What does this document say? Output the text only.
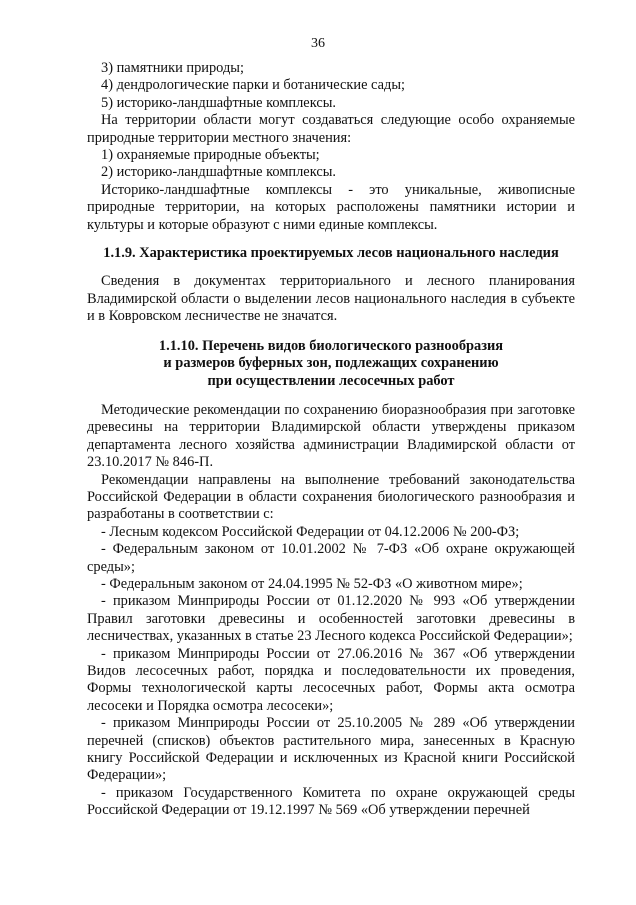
36

3) памятники природы;

4) дендрологические парки и ботанические сады;

5) историко-ландшафтные комплексы.

На территории области могут создаваться следующие особо охраняемые природные территории местного значения:

1) охраняемые природные объекты;

2) историко-ландшафтные комплексы.

Историко-ландшафтные комплексы - это уникальные, живописные природные территории, на которых расположены памятники истории и культуры и которые образуют с ними единые комплексы.

1.1.9. Характеристика проектируемых лесов национального наследия

Сведения в документах территориального и лесного планирования Владимирской области о выделении лесов национального наследия в субъекте и в Ковровском лесничестве не значатся.

1.1.10. Перечень видов биологического разнообразия

и размеров буферных зон, подлежащих сохранению

при осуществлении лесосечных работ

Методические рекомендации по сохранению биоразнообразия при заготовке древесины на территории Владимирской области утверждены приказом департамента лесного хозяйства администрации Владимирской области от 23.10.2017 № 846-П.

Рекомендации направлены на выполнение требований законодательства Российской Федерации в области сохранения биологического разнообразия и разработаны в соответствии с:

- Лесным кодексом Российской Федерации от 04.12.2006 № 200-ФЗ;

- Федеральным законом от 10.01.2002 № 7-ФЗ «Об охране окружающей среды»;

- Федеральным законом от 24.04.1995 № 52-ФЗ «О животном мире»;

- приказом Минприроды России от 01.12.2020 № 993 «Об утверждении Правил заготовки древесины и особенностей заготовки древесины в лесничествах, указанных в статье 23 Лесного кодекса Российской Федерации»;

- приказом Минприроды России от 27.06.2016 № 367 «Об утверждении Видов лесосечных работ, порядка и последовательности их проведения, Формы технологической карты лесосечных работ, Формы акта осмотра лесосеки и Порядка осмотра лесосеки»;

- приказом Минприроды России от 25.10.2005 № 289 «Об утверждении перечней (списков) объектов растительного мира, занесенных в Красную книгу Российской Федерации и исключенных из Красной книги Российской Федерации»;

- приказом Государственного Комитета по охране окружающей среды Российской Федерации от 19.12.1997 № 569 «Об утверждении перечней
